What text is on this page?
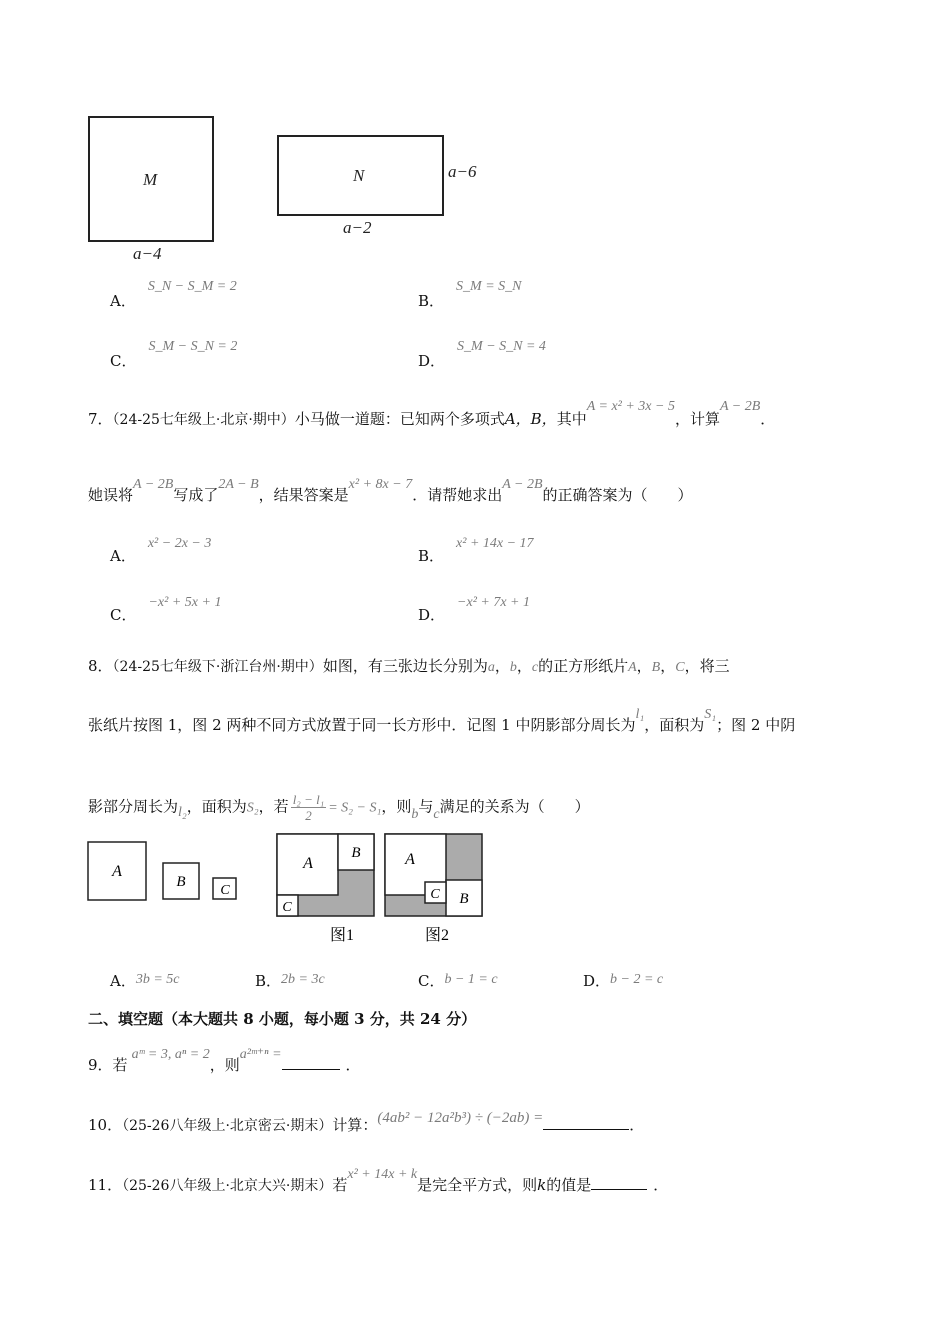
M
a−4
N	a−6
a−2
A．S_N − S_M = 2
B．S_M = S_N
C．S_M − S_N = 2
D．S_M − S_N = 4
7．（24-25七年级上·北京·期中）小马做一道题：已知两个多项式A，B，其中A = x² + 3x − 5，计算A − 2B．
她误将A − 2B写成了2A − B，结果答案是x² + 8x − 7．请帮她求出A − 2B的正确答案为（　　）
A．x² − 2x − 3
B．x² + 14x − 17
C．−x² + 5x + 1
D．−x² + 7x + 1
8．（24-25七年级下·浙江台州·期中）如图，有三张边长分别为a，b，c的正方形纸片A，B，C，将三
张纸片按图 1，图 2 两种不同方式放置于同一长方形中．记图 1 中阴影部分周长为l₁，面积为S₁；图 2 中阴
影部分周长为l₂，面积为S₂，若 $\frac{\text{l₂ − l₁}}{2} = S_2 - S_1$，则b与c满足的关系为（　　）
A
B
C
A
B
C
图1
A
B
C
图2
A．3b = 5c	B．2b = 3c	C．b − 1 = c	D．b − 2 = c
二、填空题（本大题共 8 小题，每小题 3 分，共 24 分）
9．若aᵐ = 3, aⁿ = 2，则a²ᵐ⁺ⁿ =．
10．（25-26八年级上·北京密云·期末）计算：(4ab² − 12a²b³) ÷ (−2ab) =	．
11．（25-26八年级上·北京大兴·期末）若x² + 14x + k是完全平方式，则k的值是	．
